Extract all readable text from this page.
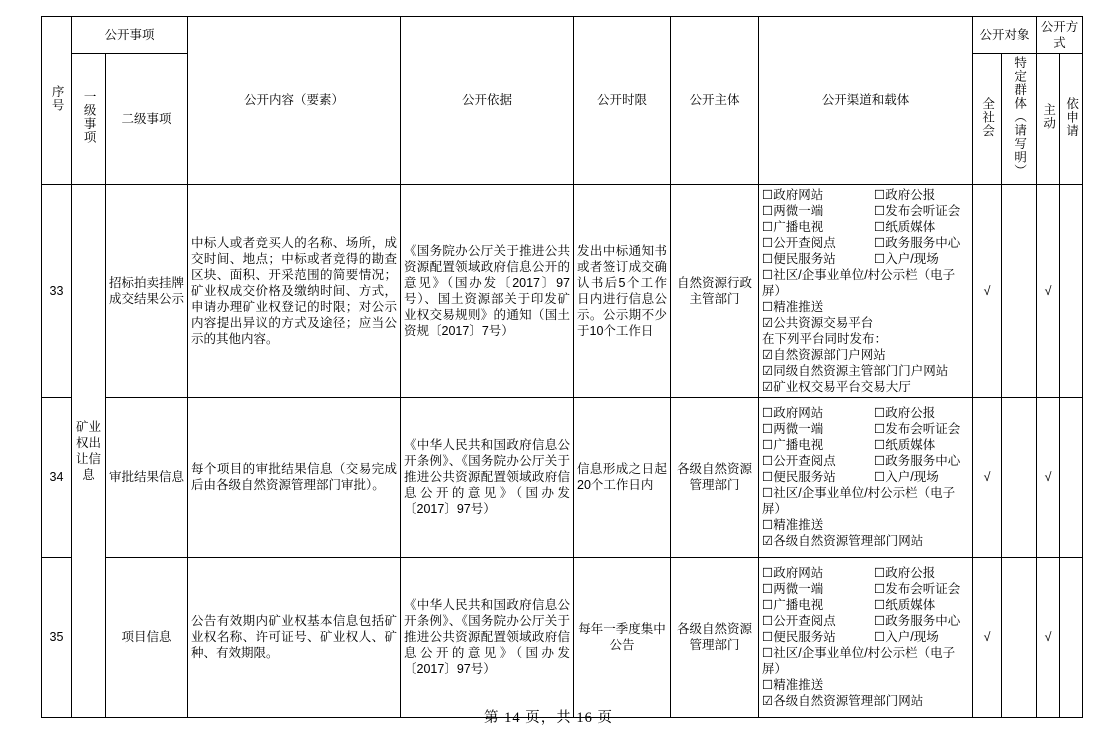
序号	公开事项		公开内容（要素）	公开依据	公开时限	公开主体	公开渠道和载体	公开对象		公开方式	
	一级事项	二级事项						全社会	特定群体（请写明）	主动	依申请
33	
矿业权出让信息
	招标拍卖挂牌成交结果公示	中标人或者竞买人的名称、场所，成交时间、地点；中标或者竞得的勘查区块、面积、开采范围的简要情况；矿业权成交价格及缴纳时间、方式，申请办理矿业权登记的时限；对公示内容提出异议的方式及途径；应当公示的其他内容。	《国务院办公厅关于推进公共资源配置领域政府信息公开的意见》（国办发〔2017〕97号）、国土资源部关于印发矿业权交易规则》的通知（国土资规〔2017〕7号）	发出中标通知书或者签订成交确认书后5个工作日内进行信息公示。公示期不少于10个工作日	自然资源行政主管部门	
☐政府网站	☐政府公报
☐两微一端	☐发布会听证会
☐广播电视	☐纸质媒体
☐公开查阅点	☐政务服务中心
☐便民服务站	☐入户/现场
☐社区/企事业单位/村公示栏（电子屏）
☐精准推送
☑公共资源交易平台
在下列平台同时发布：
☑自然资源部门户网站
☑同级自然资源主管部门门户网站
☑矿业权交易平台交易大厅
	√		√	
34	审批结果信息	每个项目的审批结果信息（交易完成后由各级自然资源管理部门审批）。	《中华人民共和国政府信息公开条例》、《国务院办公厅关于推进公共资源配置领域政府信息公开的意见》（国办发〔2017〕97号）	信息形成之日起20个工作日内	各级自然资源管理部门	
☐政府网站	☐政府公报
☐两微一端	☐发布会听证会
☐广播电视	☐纸质媒体
☐公开查阅点	☐政务服务中心
☐便民服务站	☐入户/现场
☐社区/企事业单位/村公示栏（电子屏）
☐精准推送
☑各级自然资源管理部门网站
	√		√	
35	项目信息	公告有效期内矿业权基本信息包括矿业权名称、许可证号、矿业权人、矿种、有效期限。	《中华人民共和国政府信息公开条例》、《国务院办公厅关于推进公共资源配置领域政府信息公开的意见》（国办发〔2017〕97号）	每年一季度集中公告	各级自然资源管理部门	
☐政府网站	☐政府公报
☐两微一端	☐发布会听证会
☐广播电视	☐纸质媒体
☐公开查阅点	☐政务服务中心
☐便民服务站	☐入户/现场
☐社区/企事业单位/村公示栏（电子屏）
☐精准推送
☑各级自然资源管理部门网站
	√		√	
第 14 页，共 16 页
